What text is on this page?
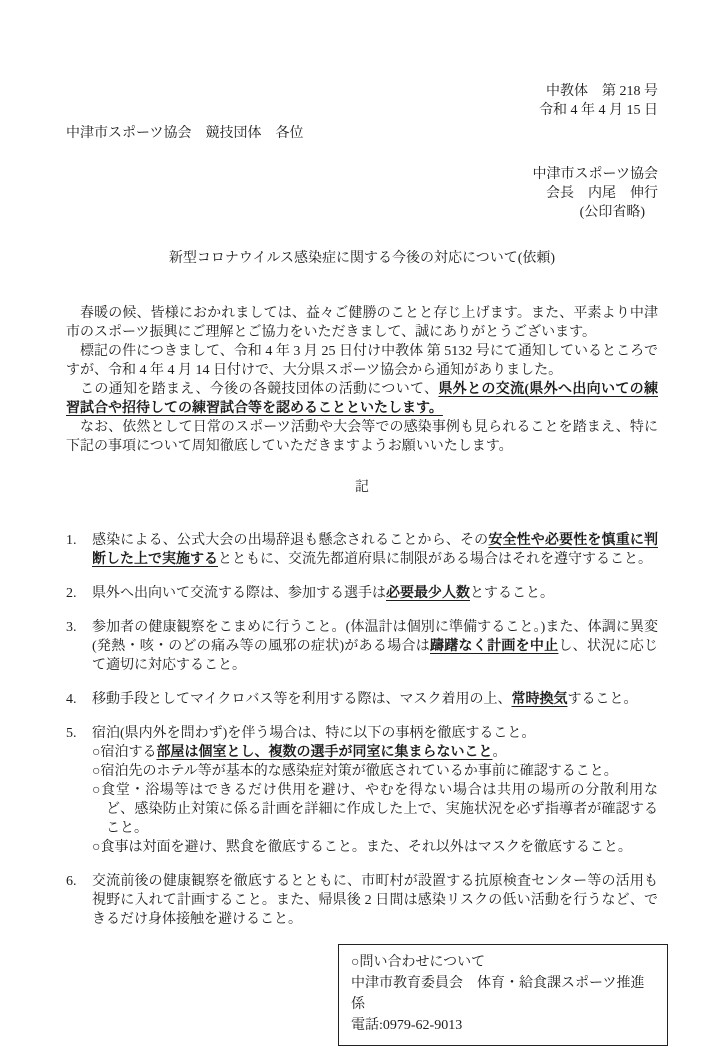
中教体　第 218 号
令和 4 年 4 月 15 日
中津市スポーツ協会　競技団体　各位
中津市スポーツ協会
会長　内尾　伸行
(公印省略)
新型コロナウイルス感染症に関する今後の対応について(依頼)
春暖の候、皆様におかれましては、益々ご健勝のことと存じ上げます。また、平素より中津市のスポーツ振興にご理解とご協力をいただきまして、誠にありがとうございます。
標記の件につきまして、令和 4 年 3 月 25 日付け中教体 第 5132 号にて通知しているところですが、令和 4 年 4 月 14 日付けで、大分県スポーツ協会から通知がありました。
この通知を踏まえ、今後の各競技団体の活動について、県外との交流(県外へ出向いての練習試合や招待しての練習試合等を認めることといたします。
なお、依然として日常のスポーツ活動や大会等での感染事例も見られることを踏まえ、特に下記の事項について周知徹底していただきますようお願いいたします。
記
1.	感染による、公式大会の出場辞退も懸念されることから、その安全性や必要性を慎重に判断した上で実施するとともに、交流先都道府県に制限がある場合はそれを遵守すること。
2.	県外へ出向いて交流する際は、参加する選手は必要最少人数とすること。
3.	参加者の健康観察をこまめに行うこと。(体温計は個別に準備すること。)また、体調に異変(発熱・咳・のどの痛み等の風邪の症状)がある場合は躊躇なく計画を中止し、状況に応じて適切に対応すること。
4.	移動手段としてマイクロバス等を利用する際は、マスク着用の上、常時換気すること。
5.	宿泊(県内外を問わず)を伴う場合は、特に以下の事柄を徹底すること。
○宿泊する部屋は個室とし、複数の選手が同室に集まらないこと。
○宿泊先のホテル等が基本的な感染症対策が徹底されているか事前に確認すること。
○食堂・浴場等はできるだけ供用を避け、やむを得ない場合は共用の場所の分散利用など、感染防止対策に係る計画を詳細に作成した上で、実施状況を必ず指導者が確認すること。
○食事は対面を避け、黙食を徹底すること。また、それ以外はマスクを徹底すること。
6.	交流前後の健康観察を徹底するとともに、市町村が設置する抗原検査センター等の活用も視野に入れて計画すること。また、帰県後 2 日間は感染リスクの低い活動を行うなど、できるだけ身体接触を避けること。
○問い合わせについて
中津市教育委員会　体育・給食課スポーツ推進係
電話:0979-62-9013
